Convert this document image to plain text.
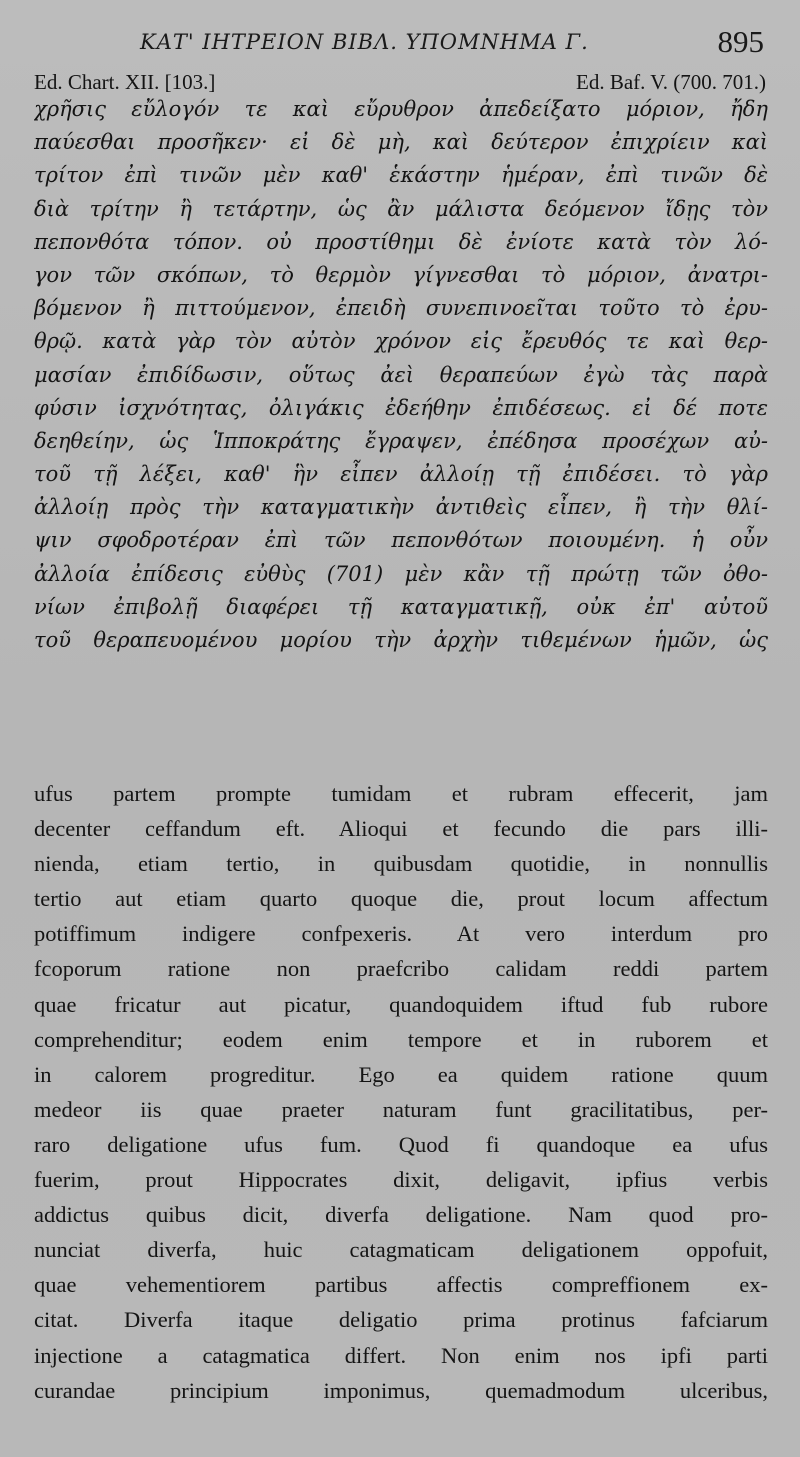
ΚΑΤ' ΙΗΤΡΕΙΟΝ ΒΙΒΛ. ΥΠΟΜΝΗΜΑ Γ.	895
Ed. Chart. XII. [103.]	Ed. Baf. V. (700. 701.)
χρῆσις εὔλογόν τε καὶ εὔρυθρον ἀπεδείξατο μόριον, ἤδη
παύεσθαι προσῆκεν· εἰ δὲ μὴ, καὶ δεύτερον ἐπιχρίειν καὶ
τρίτον ἐπὶ τινῶν μὲν καθ' ἑκάστην ἡμέραν, ἐπὶ τινῶν δὲ
διὰ τρίτην ἢ τετάρτην, ὡς ἂν μάλιστα δεόμενον ἴδῃς τὸν
πεπονθότα τόπον. οὐ προστίθημι δὲ ἐνίοτε κατὰ τὸν λό-
γον τῶν σκόπων, τὸ θερμὸν γίγνεσθαι τὸ μόριον, ἀνατρι-
βόμενον ἢ πιττούμενον, ἐπειδὴ συνεπινοεῖται τοῦτο τὸ ἐρυ-
θρῷ. κατὰ γὰρ τὸν αὐτὸν χρόνον εἰς ἔρευθός τε καὶ θερ-
μασίαν ἐπιδίδωσιν, οὕτως ἀεὶ θεραπεύων ἐγὼ τὰς παρὰ
φύσιν ἰσχνότητας, ὀλιγάκις ἐδεήθην ἐπιδέσεως. εἰ δέ ποτε
δεηθείην, ὡς Ἱπποκράτης ἔγραψεν, ἐπέδησα προσέχων αὐ-
τοῦ τῇ λέξει, καθ' ἣν εἶπεν ἀλλοίῃ τῇ ἐπιδέσει. τὸ γὰρ
ἀλλοίῃ πρὸς τὴν καταγματικὴν ἀντιθεὶς εἶπεν, ἢ τὴν θλί-
ψιν σφοδροτέραν ἐπὶ τῶν πεπονθότων ποιουμένη. ἡ οὖν
ἀλλοία ἐπίδεσις εὐθὺς (701) μὲν κἂν τῇ πρώτῃ τῶν ὀθο-
νίων ἐπιβολῇ διαφέρει τῇ καταγματικῇ, οὐκ ἐπ' αὐτοῦ
τοῦ θεραπευομένου μορίου τὴν ἀρχὴν τιθεμένων ἡμῶν, ὡς
ufus partem prompte tumidam et rubram effecerit, jam
decenter ceffandum eft. Alioqui et fecundo die pars illi-
nienda, etiam tertio, in quibusdam quotidie, in nonnullis
tertio aut etiam quarto quoque die, prout locum affectum
potiffimum indigere confpexeris. At vero interdum pro
fcoporum ratione non praefcribo calidam reddi partem
quae fricatur aut picatur, quandoquidem iftud fub rubore
comprehenditur; eodem enim tempore et in ruborem et
in calorem progreditur. Ego ea quidem ratione quum
medeor iis quae praeter naturam funt gracilitatibus, per-
raro deligatione ufus fum. Quod fi quandoque ea ufus
fuerim, prout Hippocrates dixit, deligavit, ipfius verbis
addictus quibus dicit, diverfa deligatione. Nam quod pro-
nunciat diverfa, huic catagmaticam deligationem oppofuit,
quae vehementiorem partibus affectis compreffionem ex-
citat. Diverfa itaque deligatio prima protinus fafciarum
injectione a catagmatica differt. Non enim nos ipfi parti
curandae principium imponimus, quemadmodum ulceribus,
